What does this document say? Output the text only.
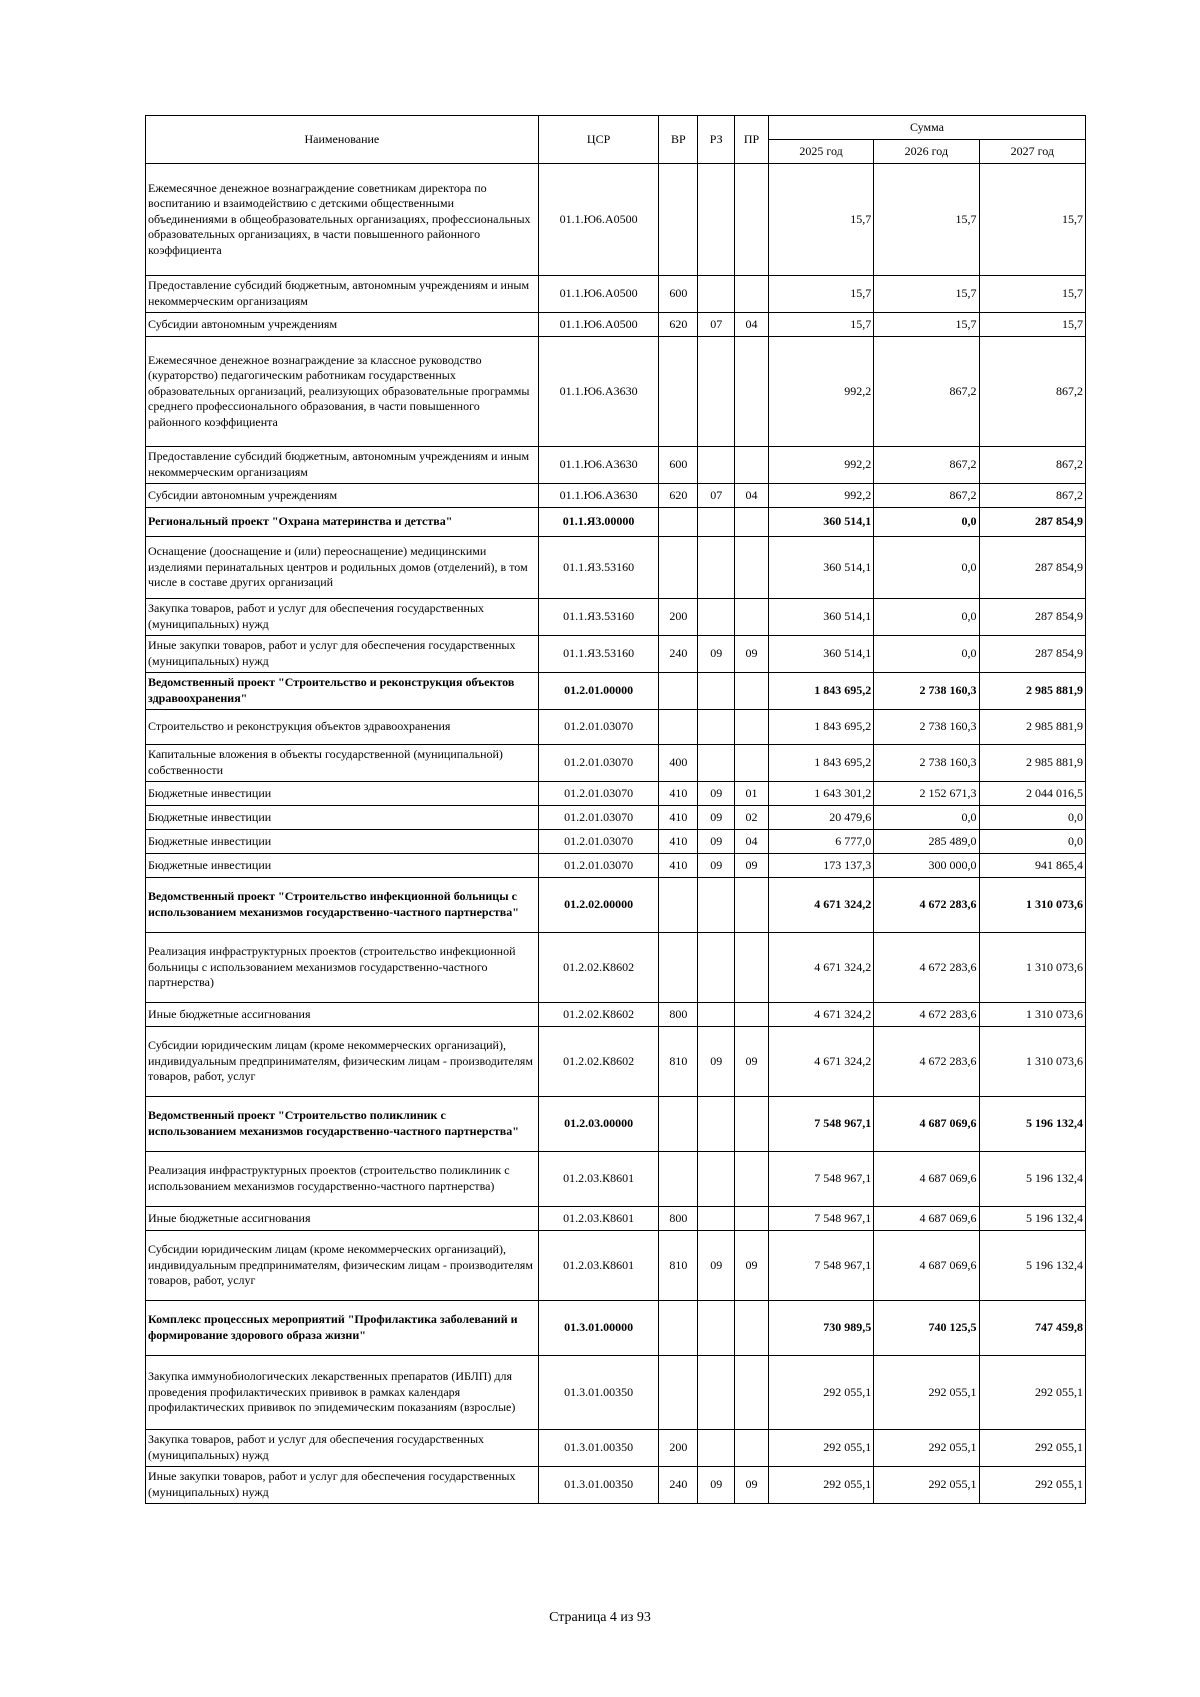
Наименование	ЦСР	ВР	РЗ	ПР	Сумма		
					2025 год	2026 год	2027 год
Ежемесячное денежное вознаграждение советникам директора по воспитанию и взаимодействию с детскими общественными объединениями в общеобразовательных организациях, профессиональных образовательных организациях, в части повышенного районного коэффициента	01.1.Ю6.А0500				15,7	15,7	15,7
Предоставление субсидий бюджетным, автономным учреждениям и иным некоммерческим организациям	01.1.Ю6.А0500	600			15,7	15,7	15,7
Субсидии автономным учреждениям	01.1.Ю6.А0500	620	07	04	15,7	15,7	15,7
Ежемесячное денежное вознаграждение за классное руководство (кураторство) педагогическим работникам государственных образовательных организаций, реализующих образовательные программы среднего профессионального образования, в части повышенного районного коэффициента	01.1.Ю6.А3630				992,2	867,2	867,2
Предоставление субсидий бюджетным, автономным учреждениям и иным некоммерческим организациям	01.1.Ю6.А3630	600			992,2	867,2	867,2
Субсидии автономным учреждениям	01.1.Ю6.А3630	620	07	04	992,2	867,2	867,2
Региональный проект "Охрана материнства и детства"	01.1.Я3.00000				360 514,1	0,0	287 854,9
Оснащение (дооснащение и (или) переоснащение) медицинскими изделиями перинатальных центров и родильных домов (отделений), в том числе в составе других организаций	01.1.Я3.53160				360 514,1	0,0	287 854,9
Закупка товаров, работ и услуг для обеспечения государственных (муниципальных) нужд	01.1.Я3.53160	200			360 514,1	0,0	287 854,9
Иные закупки товаров, работ и услуг для обеспечения государственных (муниципальных) нужд	01.1.Я3.53160	240	09	09	360 514,1	0,0	287 854,9
Ведомственный проект "Строительство и реконструкция объектов здравоохранения"	01.2.01.00000				1 843 695,2	2 738 160,3	2 985 881,9
Строительство и реконструкция объектов здравоохранения	01.2.01.03070				1 843 695,2	2 738 160,3	2 985 881,9
Капитальные вложения в объекты государственной (муниципальной) собственности	01.2.01.03070	400			1 843 695,2	2 738 160,3	2 985 881,9
Бюджетные инвестиции	01.2.01.03070	410	09	01	1 643 301,2	2 152 671,3	2 044 016,5
Бюджетные инвестиции	01.2.01.03070	410	09	02	20 479,6	0,0	0,0
Бюджетные инвестиции	01.2.01.03070	410	09	04	6 777,0	285 489,0	0,0
Бюджетные инвестиции	01.2.01.03070	410	09	09	173 137,3	300 000,0	941 865,4
Ведомственный проект "Строительство инфекционной больницы с использованием механизмов государственно-частного партнерства"	01.2.02.00000				4 671 324,2	4 672 283,6	1 310 073,6
Реализация инфраструктурных проектов (строительство инфекционной больницы с использованием механизмов государственно-частного партнерства)	01.2.02.К8602				4 671 324,2	4 672 283,6	1 310 073,6
Иные бюджетные ассигнования	01.2.02.К8602	800			4 671 324,2	4 672 283,6	1 310 073,6
Субсидии юридическим лицам (кроме некоммерческих организаций), индивидуальным предпринимателям, физическим лицам - производителям товаров, работ, услуг	01.2.02.К8602	810	09	09	4 671 324,2	4 672 283,6	1 310 073,6
Ведомственный проект "Строительство поликлиник с использованием механизмов государственно-частного партнерства"	01.2.03.00000				7 548 967,1	4 687 069,6	5 196 132,4
Реализация инфраструктурных проектов (строительство поликлиник с использованием механизмов государственно-частного партнерства)	01.2.03.К8601				7 548 967,1	4 687 069,6	5 196 132,4
Иные бюджетные ассигнования	01.2.03.К8601	800			7 548 967,1	4 687 069,6	5 196 132,4
Субсидии юридическим лицам (кроме некоммерческих организаций), индивидуальным предпринимателям, физическим лицам - производителям товаров, работ, услуг	01.2.03.К8601	810	09	09	7 548 967,1	4 687 069,6	5 196 132,4
Комплекс процессных мероприятий "Профилактика заболеваний и формирование здорового образа жизни"	01.3.01.00000				730 989,5	740 125,5	747 459,8
Закупка иммунобиологических лекарственных препаратов (ИБЛП) для проведения профилактических прививок в рамках календаря профилактических прививок по эпидемическим показаниям (взрослые)	01.3.01.00350				292 055,1	292 055,1	292 055,1
Закупка товаров, работ и услуг для обеспечения государственных (муниципальных) нужд	01.3.01.00350	200			292 055,1	292 055,1	292 055,1
Иные закупки товаров, работ и услуг для обеспечения государственных (муниципальных) нужд	01.3.01.00350	240	09	09	292 055,1	292 055,1	292 055,1
Страница 4 из 93
